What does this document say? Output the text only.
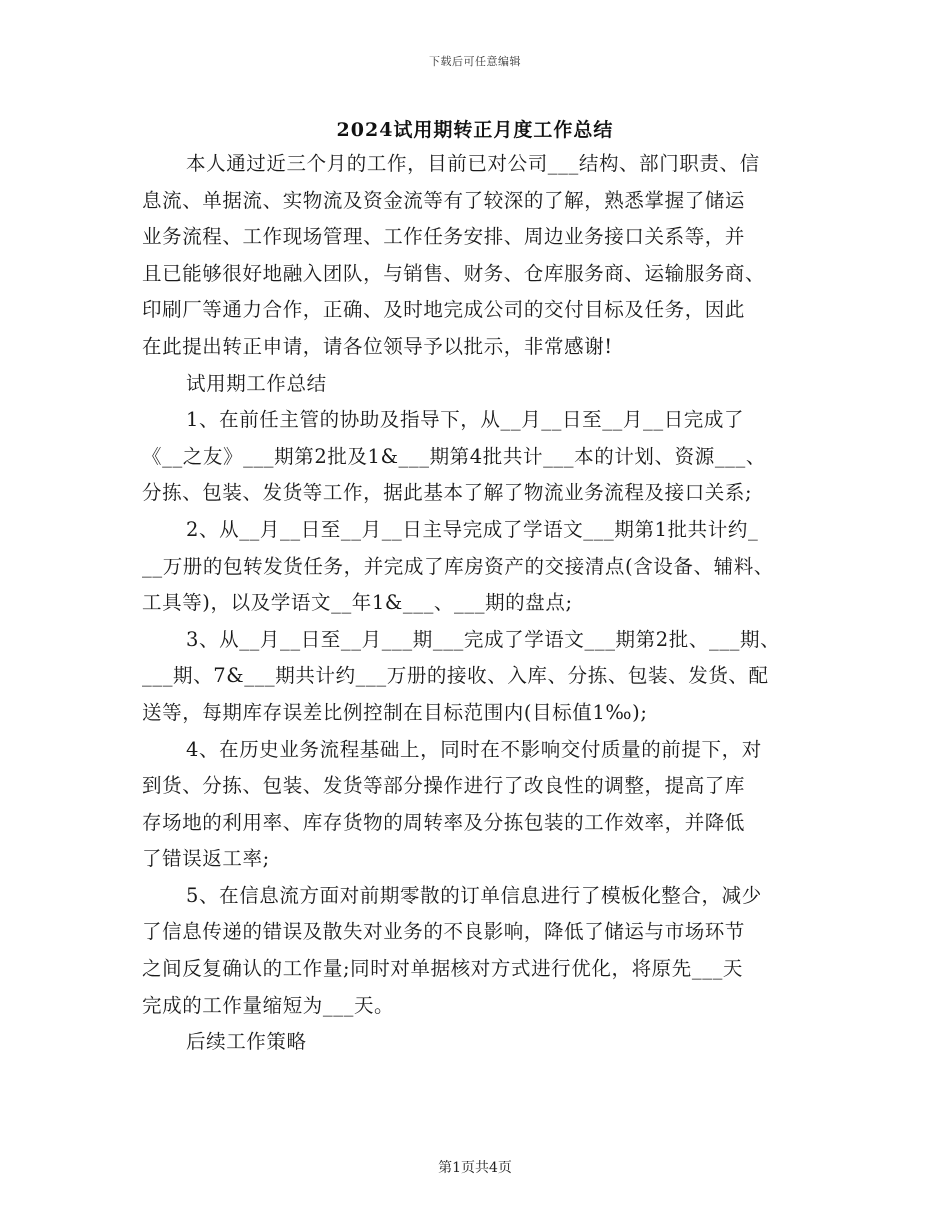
下载后可任意编辑
2024试用期转正月度工作总结
本人通过近三个月的工作，目前已对公司___结构、部门职责、信
息流、单据流、实物流及资金流等有了较深的了解，熟悉掌握了储运
业务流程、工作现场管理、工作任务安排、周边业务接口关系等，并
且已能够很好地融入团队，与销售、财务、仓库服务商、运输服务商、
印刷厂等通力合作，正确、及时地完成公司的交付目标及任务，因此
在此提出转正申请，请各位领导予以批示，非常感谢!
试用期工作总结
1、在前任主管的协助及指导下，从__月__日至__月__日完成了
《__之友》___期第2批及1&___期第4批共计___本的计划、资源___、
分拣、包装、发货等工作，据此基本了解了物流业务流程及接口关系;
2、从__月__日至__月__日主导完成了学语文___期第1批共计约_
__万册的包转发货任务，并完成了库房资产的交接清点(含设备、辅料、
工具等)，以及学语文__年1&___、___期的盘点;
3、从__月__日至__月___期___完成了学语文___期第2批、___期、
___期、7&___期共计约___万册的接收、入库、分拣、包装、发货、配
送等，每期库存误差比例控制在目标范围内(目标值1‰);
4、在历史业务流程基础上，同时在不影响交付质量的前提下，对
到货、分拣、包装、发货等部分操作进行了改良性的调整，提高了库
存场地的利用率、库存货物的周转率及分拣包装的工作效率，并降低
了错误返工率;
5、在信息流方面对前期零散的订单信息进行了模板化整合，减少
了信息传递的错误及散失对业务的不良影响，降低了储运与市场环节
之间反复确认的工作量;同时对单据核对方式进行优化，将原先___天
完成的工作量缩短为___天。
后续工作策略
第1页共4页
